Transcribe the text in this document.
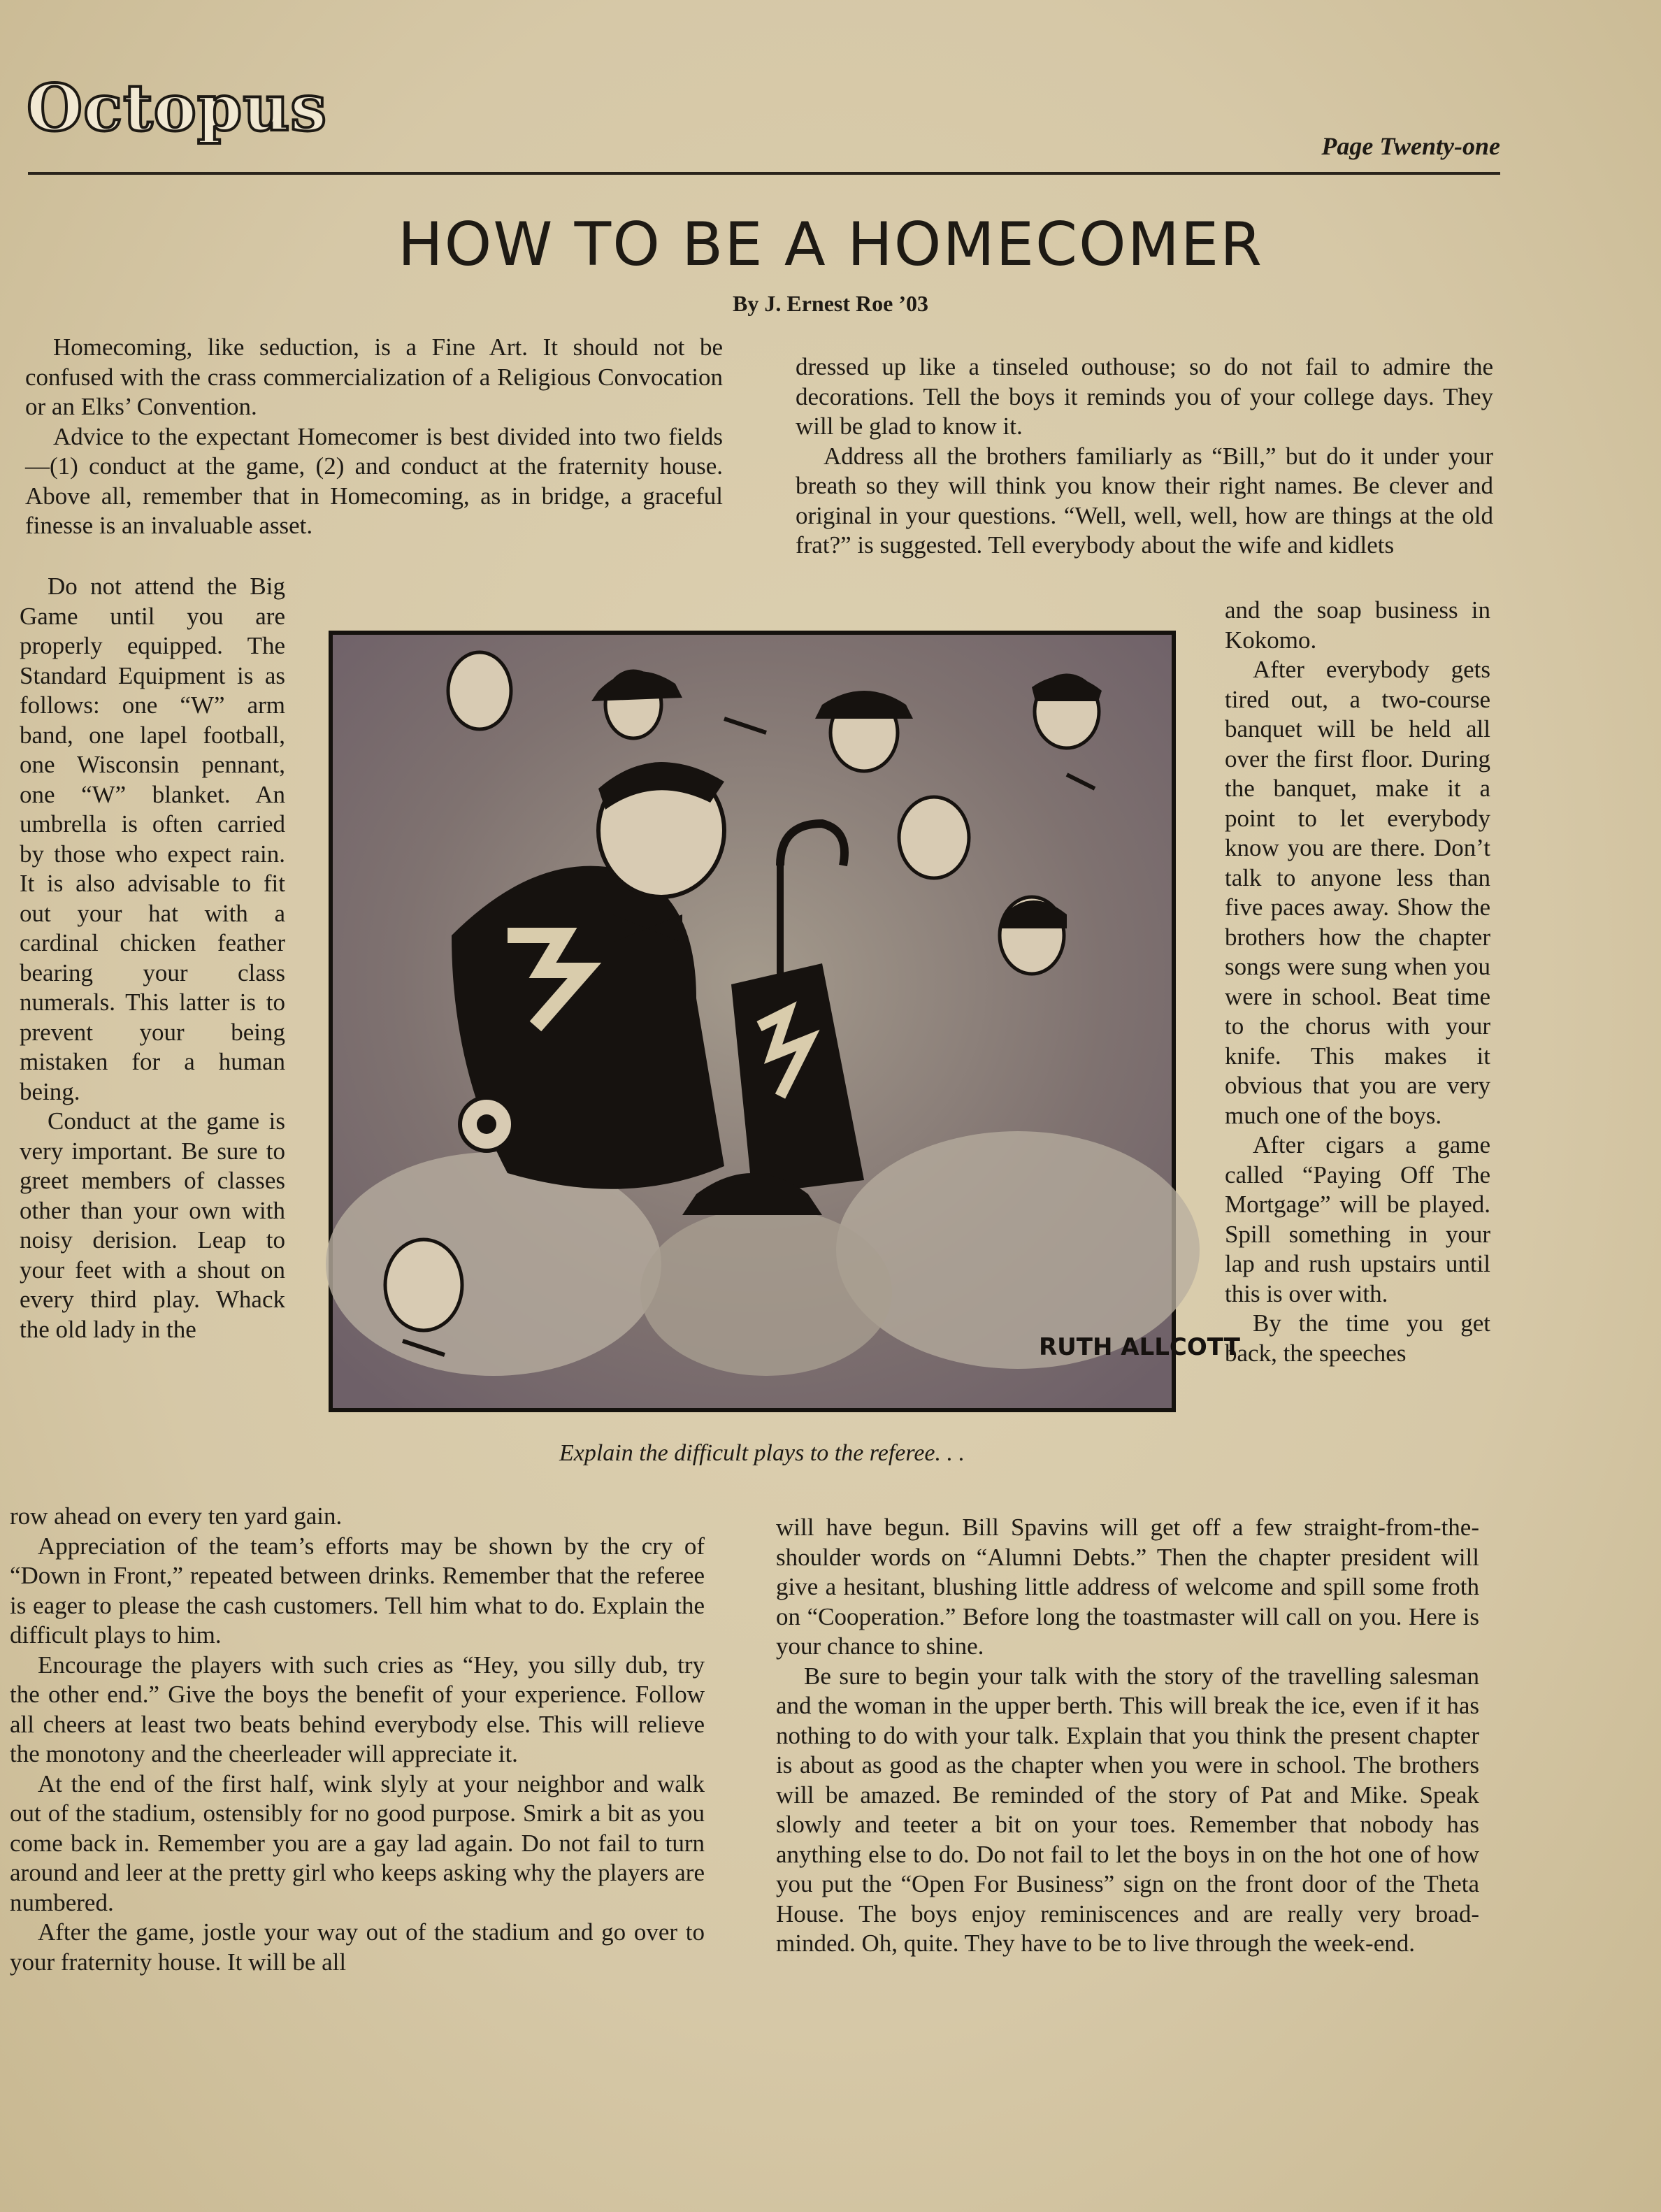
Octopus
Page Twenty-one
HOW TO BE A HOMECOMER
By J. Ernest Roe ’03

Homecoming, like seduction, is a Fine Art. It should not be confused with the crass commercialization of a Religious Convocation or an Elks’ Convention.

Advice to the expectant Homecomer is best divided into two fields—(1) conduct at the game, (2) and conduct at the fraternity house. Above all, remember that in Homecoming, as in bridge, a graceful finesse is an invaluable asset.

Do not attend the Big Game until you are properly equipped. The Standard Equipment is as follows: one “W” arm band, one lapel football, one Wisconsin pennant, one “W” blanket. An umbrella is often carried by those who expect rain. It is also advisable to fit out your hat with a cardinal chicken feather bearing your class numerals. This latter is to prevent your being mistaken for a human being.

Conduct at the game is very important. Be sure to greet members of classes other than your own with noisy derision. Leap to your feet with a shout on every third play. Whack the old lady in the

row ahead on every ten yard gain.

Appreciation of the team’s efforts may be shown by the cry of “Down in Front,” repeated between drinks. Remember that the referee is eager to please the cash customers. Tell him what to do. Explain the difficult plays to him.

Encourage the players with such cries as “Hey, you silly dub, try the other end.” Give the boys the benefit of your experience. Follow all cheers at least two beats behind everybody else. This will relieve the monotony and the cheerleader will appreciate it.

At the end of the first half, wink slyly at your neighbor and walk out of the stadium, ostensibly for no good purpose. Smirk a bit as you come back in. Remember you are a gay lad again. Do not fail to turn around and leer at the pretty girl who keeps asking why the players are numbered.

After the game, jostle your way out of the stadium and go over to your fraternity house. It will be all

dressed up like a tinseled outhouse; so do not fail to admire the decorations. Tell the boys it reminds you of your college days. They will be glad to know it.

Address all the brothers familiarly as “Bill,” but do it under your breath so they will think you know their right names. Be clever and original in your questions. “Well, well, well, how are things at the old frat?” is suggested. Tell everybody about the wife and kidlets

and the soap business in Kokomo.

After everybody gets tired out, a two-course banquet will be held all over the first floor. During the banquet, make it a point to let everybody know you are there. Don’t talk to anyone less than five paces away. Show the brothers how the chapter songs were sung when you were in school. Beat time to the chorus with your knife. This makes it obvious that you are very much one of the boys.

After cigars a game called “Paying Off The Mortgage” will be played. Spill something in your lap and rush upstairs until this is over with.

By the time you get back, the speeches

will have begun. Bill Spavins will get off a few straight-from-the-shoulder words on “Alumni Debts.” Then the chapter president will give a hesitant, blushing little address of welcome and spill some froth on “Cooperation.” Before long the toastmaster will call on you. Here is your chance to shine.

Be sure to begin your talk with the story of the travelling salesman and the woman in the upper berth. This will break the ice, even if it has nothing to do with your talk. Explain that you think the present chapter is about as good as the chapter when you were in school. The brothers will be amazed. Be reminded of the story of Pat and Mike. Speak slowly and teeter a bit on your toes. Remember that nobody has anything else to do. Do not fail to let the boys in on the hot one of how you put the “Open For Business” sign on the front door of the Theta House. The boys enjoy reminiscences and are really very broad-minded. Oh, quite. They have to be to live through the week-end.

RUTH ALLCOTT
Explain the difficult plays to the referee. . .
